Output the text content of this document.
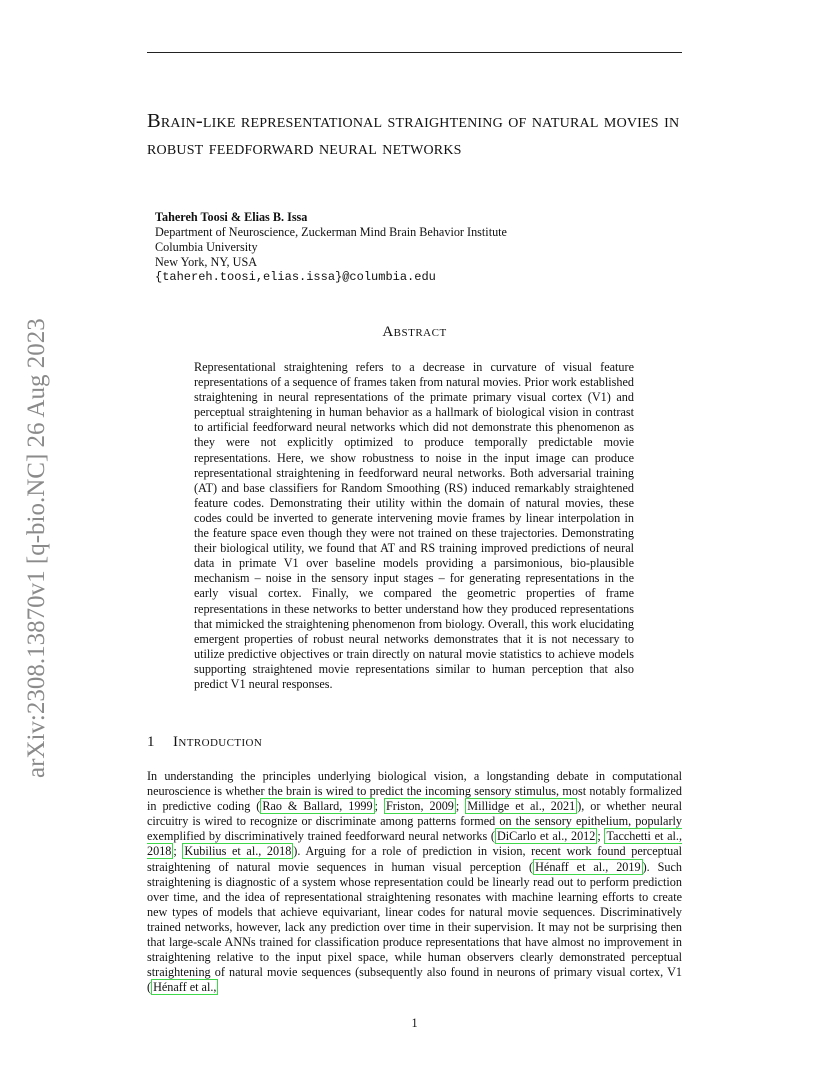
arXiv:2308.13870v1 [q-bio.NC] 26 Aug 2023
Brain-like representational straightening of natural movies in robust feedforward neural networks
Tahereh Toosi & Elias B. Issa
Department of Neuroscience, Zuckerman Mind Brain Behavior Institute
Columbia University
New York, NY, USA
{tahereh.toosi,elias.issa}@columbia.edu
Abstract
Representational straightening refers to a decrease in curvature of visual feature representations of a sequence of frames taken from natural movies. Prior work established straightening in neural representations of the primate primary visual cortex (V1) and perceptual straightening in human behavior as a hallmark of biological vision in contrast to artificial feedforward neural networks which did not demonstrate this phenomenon as they were not explicitly optimized to produce temporally predictable movie representations. Here, we show robustness to noise in the input image can produce representational straightening in feedforward neural networks. Both adversarial training (AT) and base classifiers for Random Smoothing (RS) induced remarkably straightened feature codes. Demonstrating their utility within the domain of natural movies, these codes could be inverted to generate intervening movie frames by linear interpolation in the feature space even though they were not trained on these trajectories. Demonstrating their biological utility, we found that AT and RS training improved predictions of neural data in primate V1 over baseline models providing a parsimonious, bio-plausible mechanism – noise in the sensory input stages – for generating representations in the early visual cortex. Finally, we compared the geometric properties of frame representations in these networks to better understand how they produced representations that mimicked the straightening phenomenon from biology. Overall, this work elucidating emergent properties of robust neural networks demonstrates that it is not necessary to utilize predictive objectives or train directly on natural movie statistics to achieve models supporting straightened movie representations similar to human perception that also predict V1 neural responses.
1 Introduction
In understanding the principles underlying biological vision, a longstanding debate in computational neuroscience is whether the brain is wired to predict the incoming sensory stimulus, most notably formalized in predictive coding ( Rao & Ballard, 1999 ; Friston, 2009 ; Millidge et al., 2021 ), or whether neural circuitry is wired to recognize or discriminate among patterns formed on the sensory epithelium, popularly exemplified by discriminatively trained feedforward neural networks ( DiCarlo et al., 2012 ; Tacchetti et al., 2018 ; Kubilius et al., 2018 ). Arguing for a role of prediction in vision, recent work found perceptual straightening of natural movie sequences in human visual perception ( Hénaff et al., 2019 ). Such straightening is diagnostic of a system whose representation could be linearly read out to perform prediction over time, and the idea of representational straightening resonates with machine learning efforts to create new types of models that achieve equivariant, linear codes for natural movie sequences. Discriminatively trained networks, however, lack any prediction over time in their supervision. It may not be surprising then that large-scale ANNs trained for classification produce representations that have almost no improvement in straightening relative to the input pixel space, while human observers clearly demonstrated perceptual straightening of natural movie sequences (subsequently also found in neurons of primary visual cortex, V1 ( Hénaff et al.,
1
